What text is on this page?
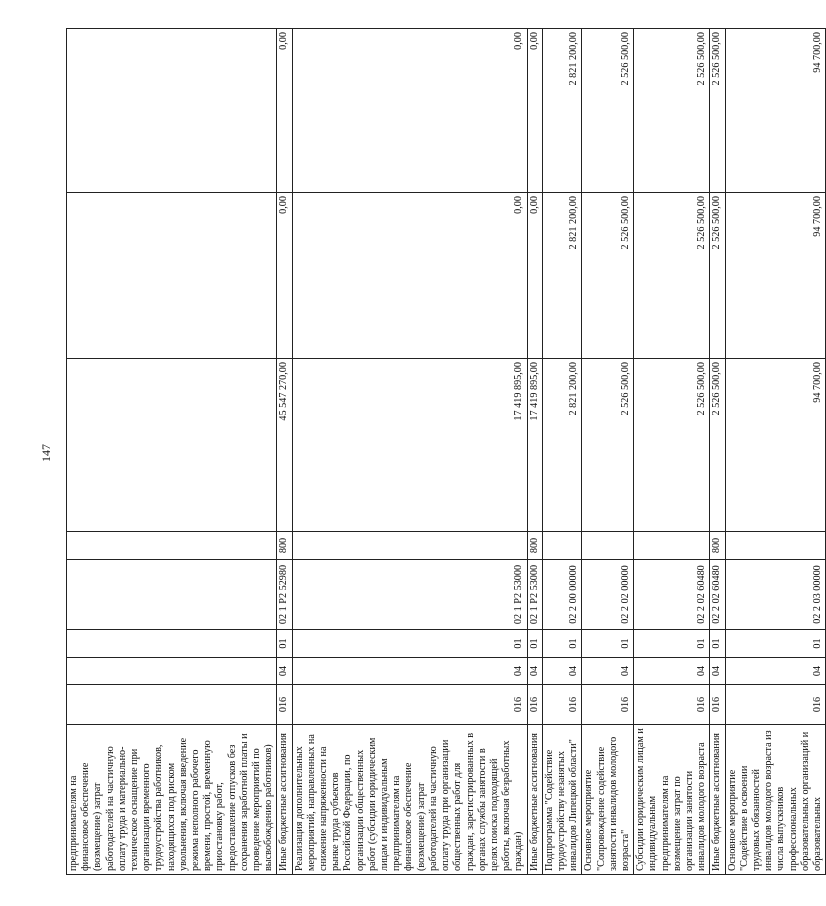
147
предпринимателям на финансовое обеспечение (возмещение) затрат работодателей на частичную оплату труда и материально-техническое оснащение при организации временного трудоустройства работников, находящихся под риском увольнения, включая введение режима неполного рабочего времени, простой, временную приостановку работ, предоставление отпусков без сохранения заработной платы и проведение мероприятий по высвобождению работников)								
Иные бюджетные ассигнования	016	04	01	02 1 P2 52980	800	45 547 270,00	0,00	0,00
Реализация дополнительных мероприятий, направленных на снижение напряженности на рынке труда субъектов Российской Федерации, по организации общественных работ (субсидии юридическим лицам и индивидуальным предпринимателям на финансовое обеспечение (возмещение) затрат работодателей на частичную оплату труда при организации общественных работ для граждан, зарегистрированных в органах службы занятости в целях поиска подходящей работы, включая безработных граждан)	016	04	01	02 1 P2 53000		17 419 895,00	0,00	0,00
Иные бюджетные ассигнования	016	04	01	02 1 P2 53000	800	17 419 895,00	0,00	0,00
Подпрограмма "Содействие трудоустройству незанятых инвалидов Липецкой области"	016	04	01	02 2 00 00000		2 821 200,00	2 821 200,00	2 821 200,00
Основное мероприятие "Сопровождение содействие занятости инвалидов молодого возраста"	016	04	01	02 2 02 00000		2 526 500,00	2 526 500,00	2 526 500,00
Субсидии юридическим лицам и индивидуальным предпринимателям на возмещение затрат по организации занятости инвалидов молодого возраста	016	04	01	02 2 02 60480		2 526 500,00	2 526 500,00	2 526 500,00
Иные бюджетные ассигнования	016	04	01	02 2 02 60480	800	2 526 500,00	2 526 500,00	2 526 500,00
Основное мероприятие "Содействие в освоении трудовых обязанностей инвалидов молодого возраста из числа выпускников профессиональных образовательных организаций и образовательных	016	04	01	02 2 03 00000		94 700,00	94 700,00	94 700,00
